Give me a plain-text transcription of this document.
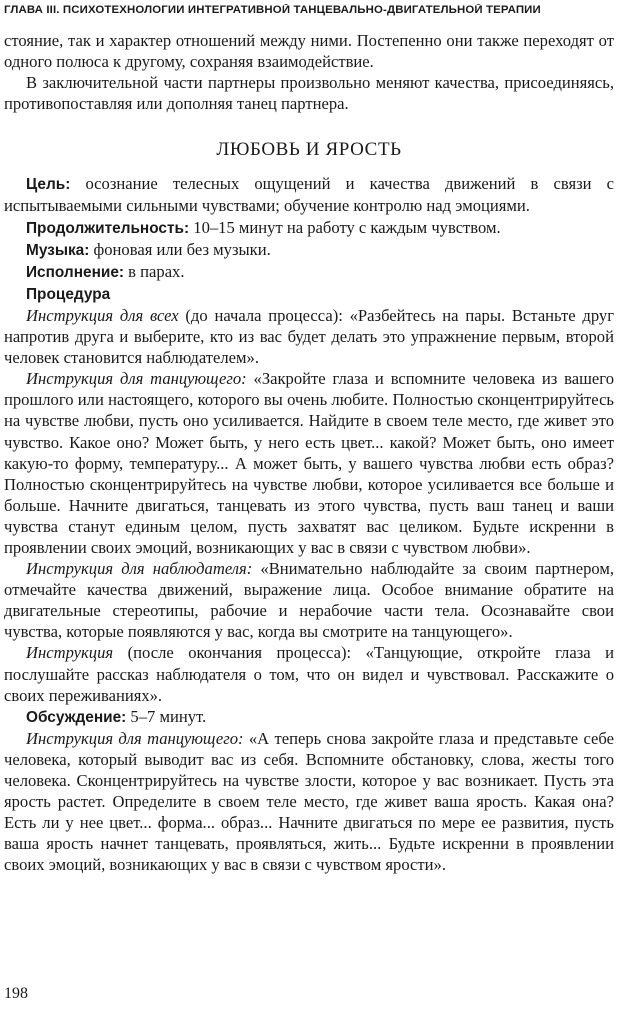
ГЛАВА III. ПСИХОТЕХНОЛОГИИ ИНТЕГРАТИВНОЙ ТАНЦЕВАЛЬНО-ДВИГАТЕЛЬНОЙ ТЕРАПИИ

стояние, так и характер отношений между ними. Постепенно они также переходят от одного полюса к другому, сохраняя взаимодействие.

В заключительной части партнеры произвольно меняют качества, присоединяясь, противопоставляя или дополняя танец партнера.

ЛЮБОВЬ И ЯРОСТЬ

Цель: осознание телесных ощущений и качества движений в связи с испытываемыми сильными чувствами; обучение контролю над эмоциями.

Продолжительность: 10–15 минут на работу с каждым чувством.

Музыка: фоновая или без музыки.

Исполнение: в парах.

Процедура

Инструкция для всех (до начала процесса): «Разбейтесь на пары. Встаньте друг напротив друга и выберите, кто из вас будет делать это упражнение первым, второй человек становится наблюдателем».

Инструкция для танцующего: «Закройте глаза и вспомните человека из вашего прошлого или настоящего, которого вы очень любите. Полностью сконцентрируйтесь на чувстве любви, пусть оно усиливается. Найдите в своем теле место, где живет это чувство. Какое оно? Может быть, у него есть цвет... какой? Может быть, оно имеет какую-то форму, температуру... А может быть, у вашего чувства любви есть образ? Полностью сконцентрируйтесь на чувстве любви, которое усиливается все больше и больше. Начните двигаться, танцевать из этого чувства, пусть ваш танец и ваши чувства станут единым целом, пусть захватят вас целиком. Будьте искренни в проявлении своих эмоций, возникающих у вас в связи с чувством любви».

Инструкция для наблюдателя: «Внимательно наблюдайте за своим партнером, отмечайте качества движений, выражение лица. Особое внимание обратите на двигательные стереотипы, рабочие и нерабочие части тела. Осознавайте свои чувства, которые появляются у вас, когда вы смотрите на танцующего».

Инструкция (после окончания процесса): «Танцующие, откройте глаза и послушайте рассказ наблюдателя о том, что он видел и чувствовал. Расскажите о своих переживаниях».

Обсуждение: 5–7 минут.

Инструкция для танцующего: «А теперь снова закройте глаза и представьте себе человека, который выводит вас из себя. Вспомните обстановку, слова, жесты того человека. Сконцентрируйтесь на чувстве злости, которое у вас возникает. Пусть эта ярость растет. Определите в своем теле место, где живет ваша ярость. Какая она? Есть ли у нее цвет... форма... образ... Начните двигаться по мере ее развития, пусть ваша ярость начнет танцевать, проявляться, жить... Будьте искренни в проявлении своих эмоций, возникающих у вас в связи с чувством ярости».

198
